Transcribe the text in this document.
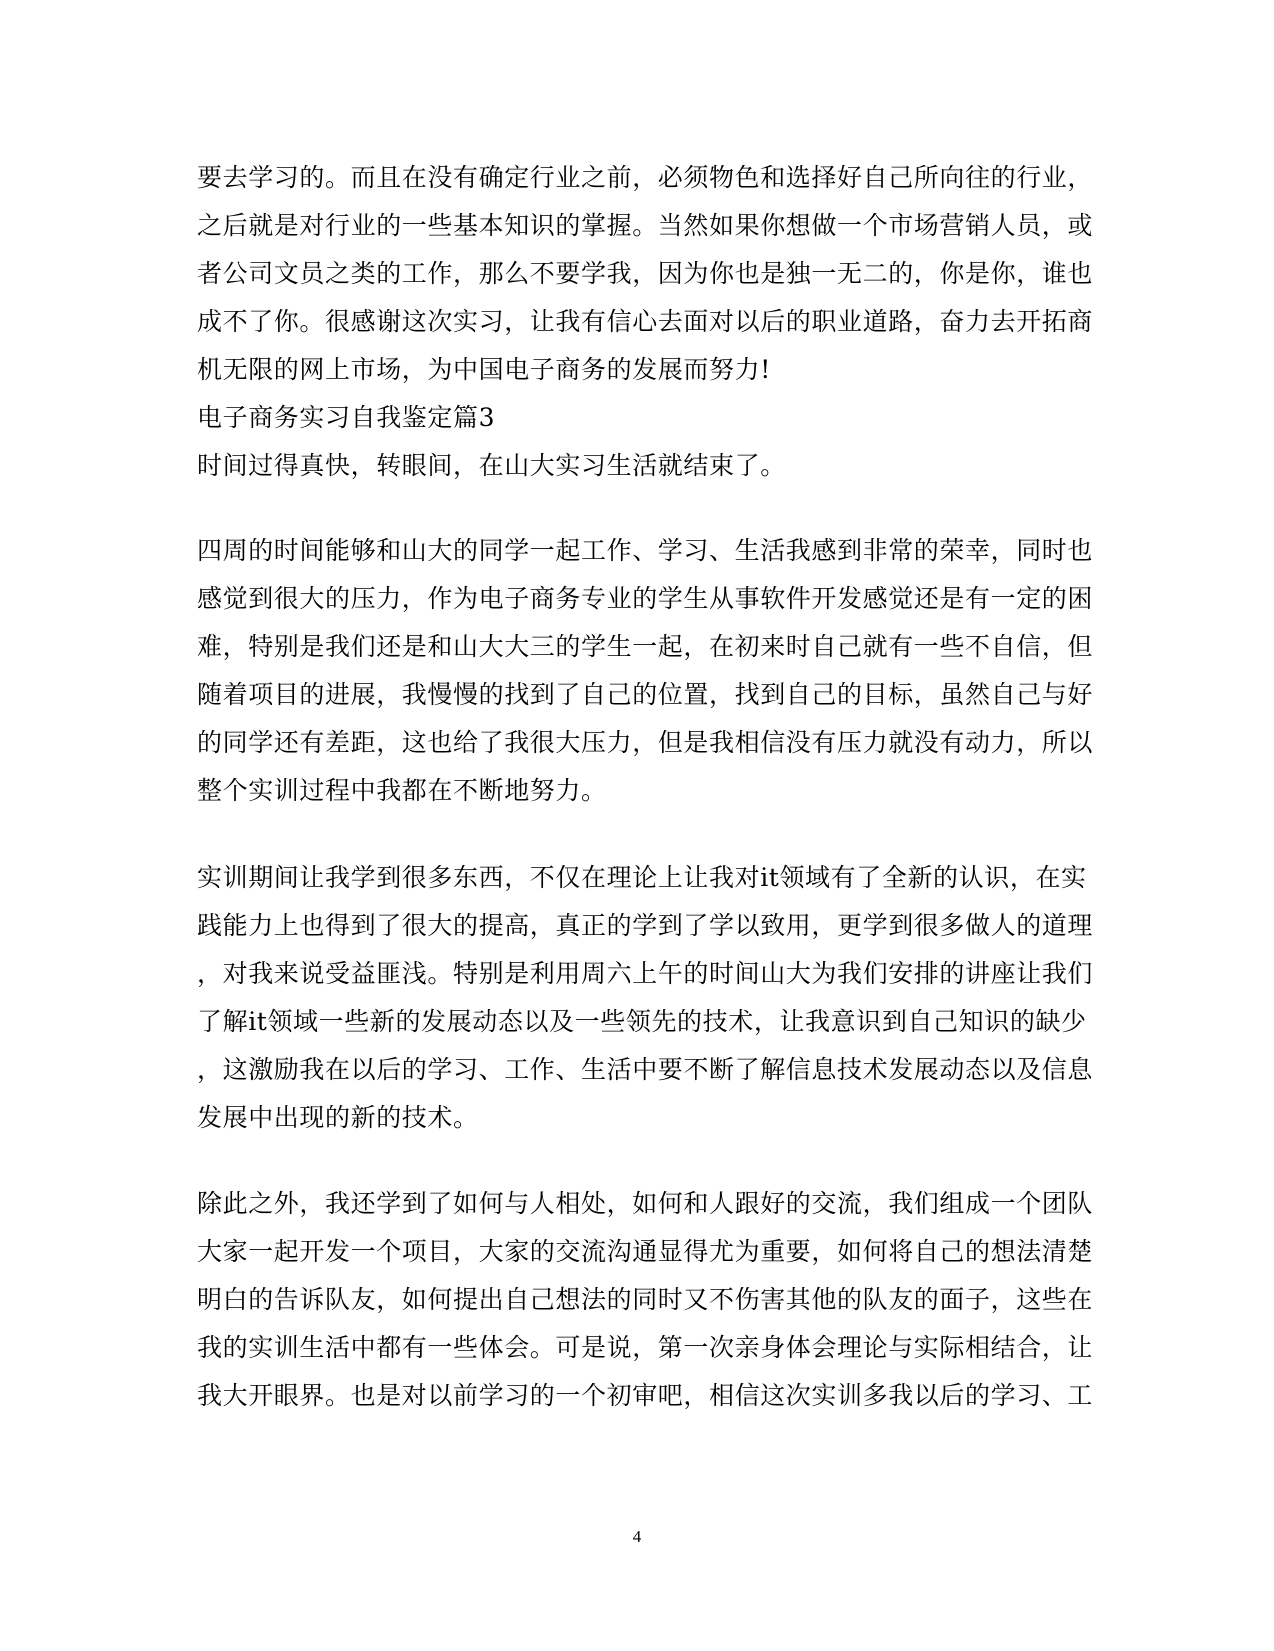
要去学习的。而且在没有确定行业之前，必须物色和选择好自己所向往的行业，
之后就是对行业的一些基本知识的掌握。当然如果你想做一个市场营销人员，或
者公司文员之类的工作，那么不要学我，因为你也是独一无二的，你是你，谁也
成不了你。很感谢这次实习，让我有信心去面对以后的职业道路，奋力去开拓商
机无限的网上市场，为中国电子商务的发展而努力!
电子商务实习自我鉴定篇3
时间过得真快，转眼间，在山大实习生活就结束了。
四周的时间能够和山大的同学一起工作、学习、生活我感到非常的荣幸，同时也
感觉到很大的压力，作为电子商务专业的学生从事软件开发感觉还是有一定的困
难，特别是我们还是和山大大三的学生一起，在初来时自己就有一些不自信，但
随着项目的进展，我慢慢的找到了自己的位置，找到自己的目标，虽然自己与好
的同学还有差距，这也给了我很大压力，但是我相信没有压力就没有动力，所以
整个实训过程中我都在不断地努力。
实训期间让我学到很多东西，不仅在理论上让我对it领域有了全新的认识，在实
践能力上也得到了很大的提高，真正的学到了学以致用，更学到很多做人的道理
，对我来说受益匪浅。特别是利用周六上午的时间山大为我们安排的讲座让我们
了解it领域一些新的发展动态以及一些领先的技术，让我意识到自己知识的缺少
，这激励我在以后的学习、工作、生活中要不断了解信息技术发展动态以及信息
发展中出现的新的技术。
除此之外，我还学到了如何与人相处，如何和人跟好的交流，我们组成一个团队
大家一起开发一个项目，大家的交流沟通显得尤为重要，如何将自己的想法清楚
明白的告诉队友，如何提出自己想法的同时又不伤害其他的队友的面子，这些在
我的实训生活中都有一些体会。可是说，第一次亲身体会理论与实际相结合，让
我大开眼界。也是对以前学习的一个初审吧，相信这次实训多我以后的学习、工
4
